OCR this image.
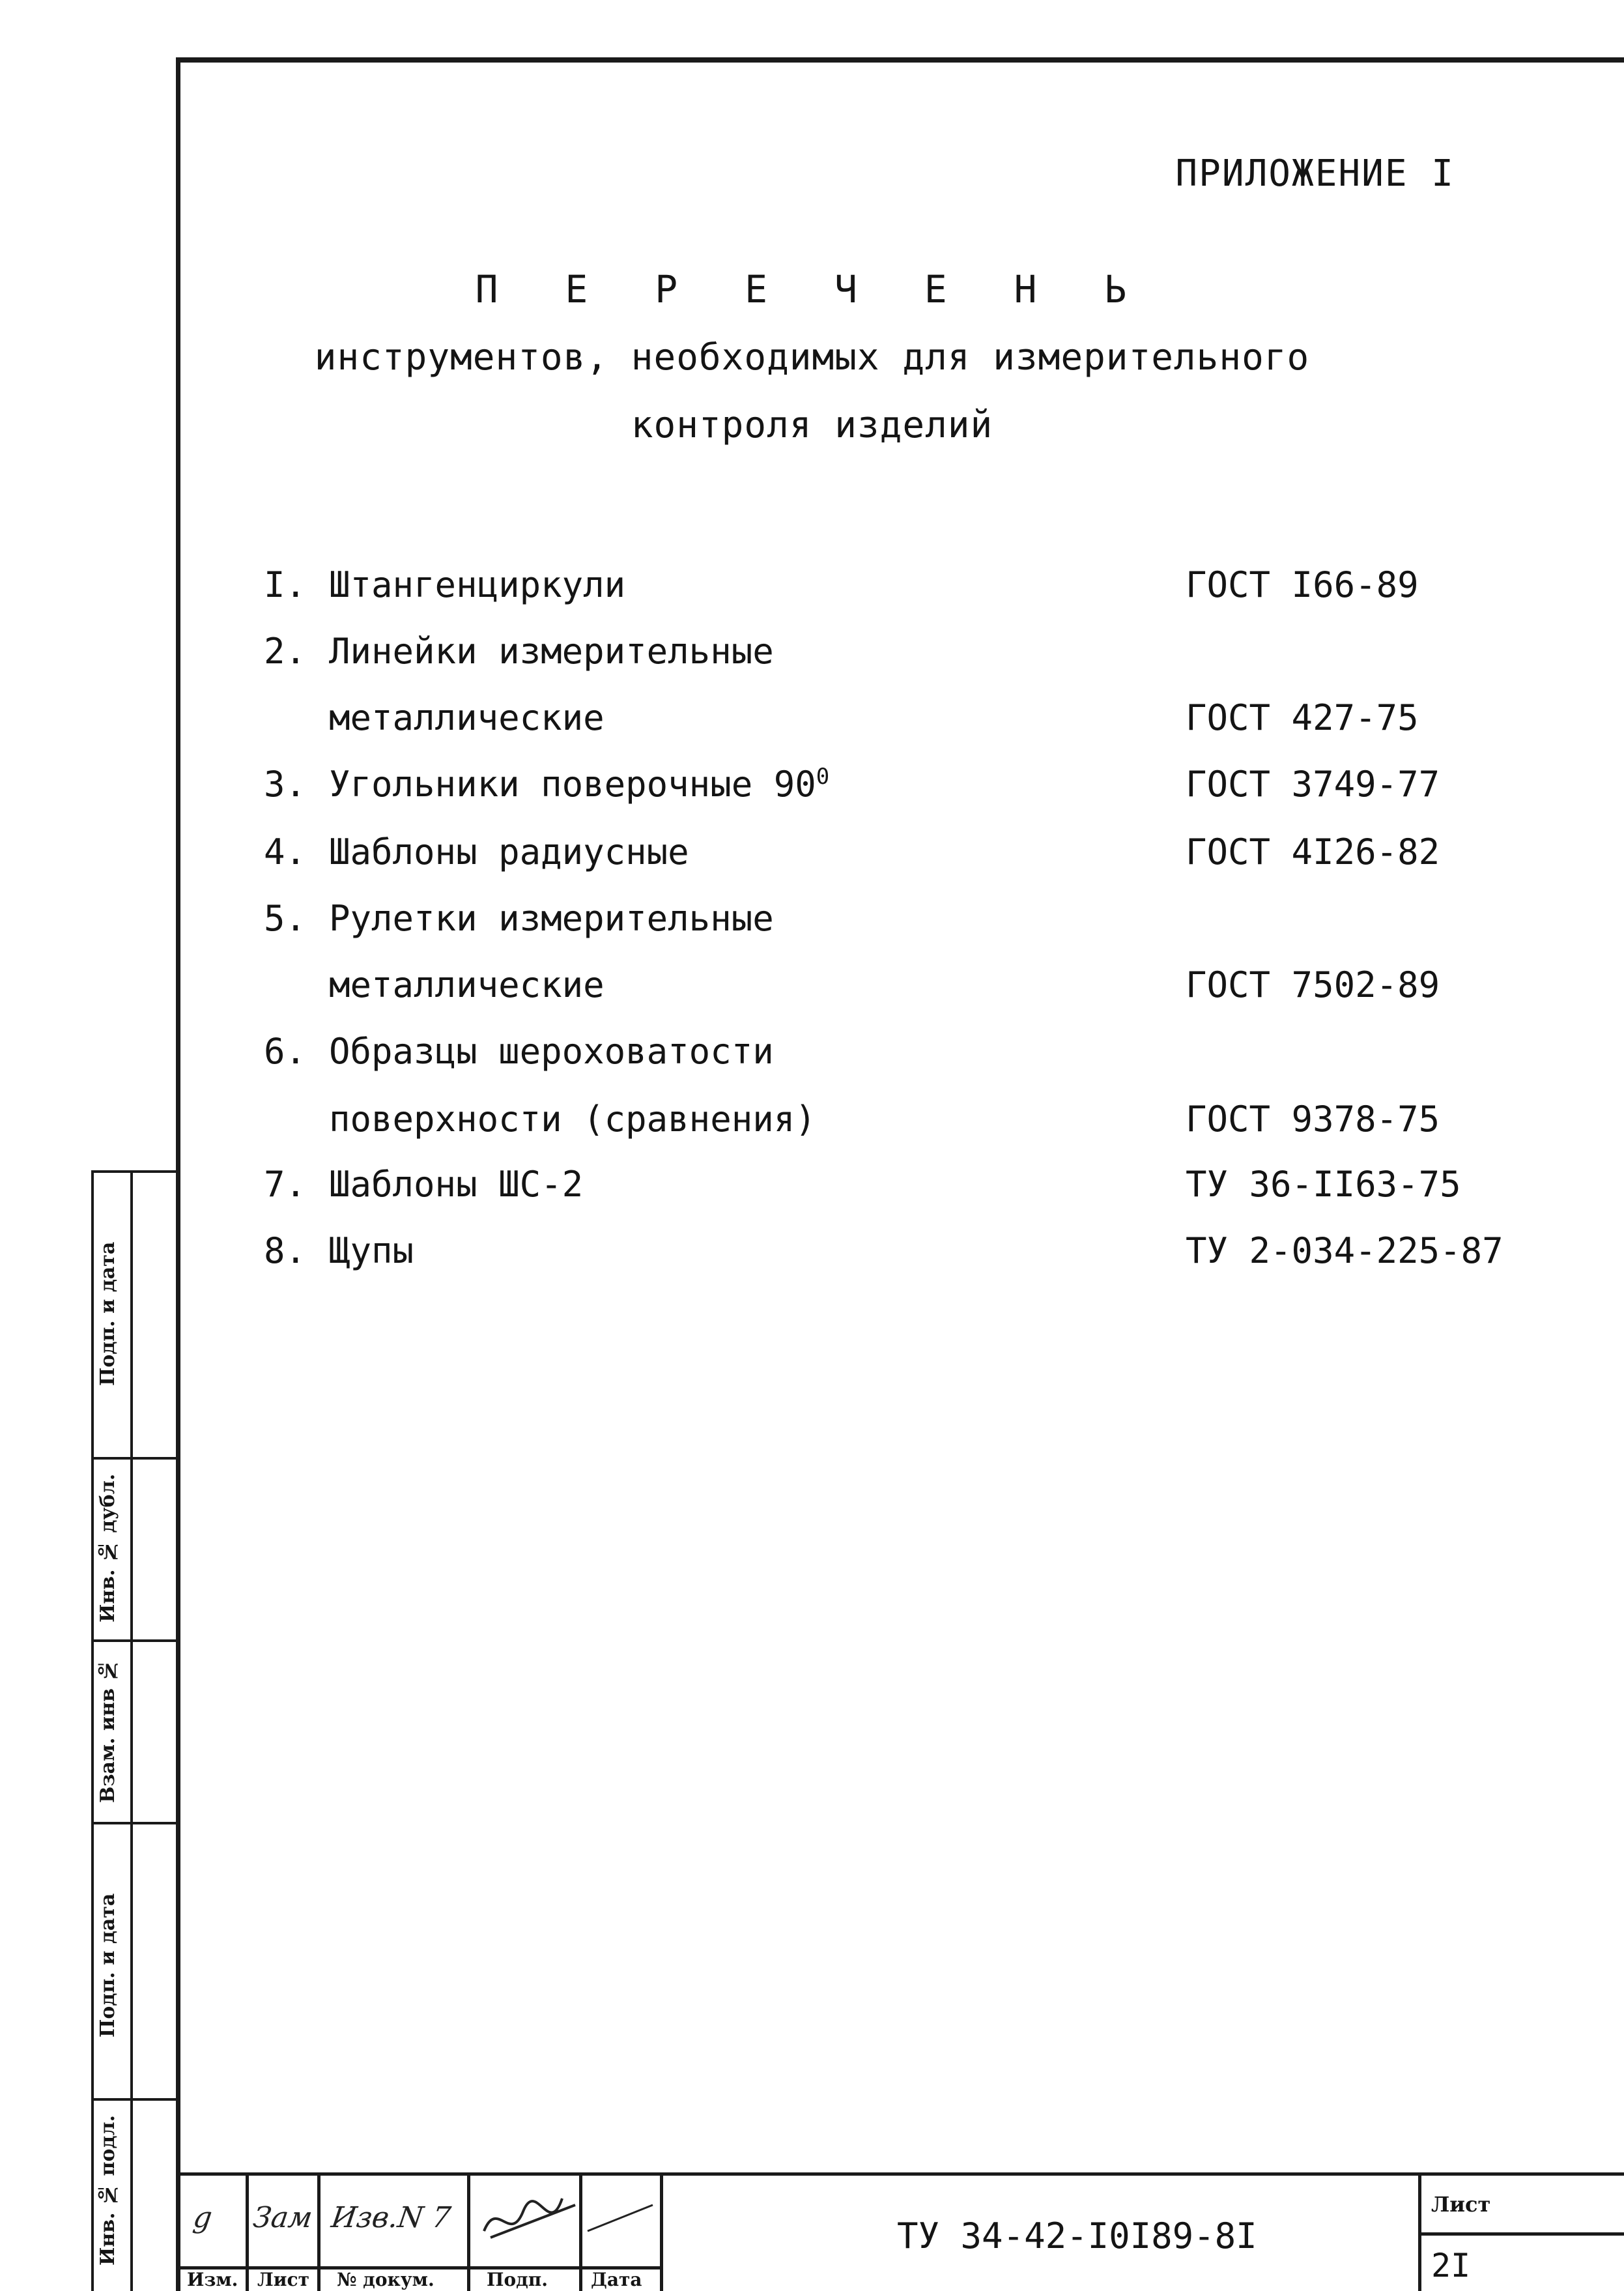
ПРИЛОЖЕНИЕ I
П Е Р Е Ч Е Н Ь
инструментов, необходимых для измерительного
контроля изделий
I. Штангенциркули	ГОСТ I66-89
2. Линейки измерительные
металлические	ГОСТ 427-75
3. Угольники поверочные $90^0$	ГОСТ 3749-77
4. Шаблоны радиусные	ГОСТ 4I26-82
5. Рулетки измерительные
металлические	ГОСТ 7502-89
6. Образцы шероховатости
поверхности (сравнения)	ГОСТ 9378-75
7. Шаблоны ШС-2	ТУ 36-II63-75
8. Щупы	ТУ 2-034-225-87
Подп. и дата
Инв. № дубл.
Взам. инв №
Подп. и дата
Инв. № подл.	g Зам Изв.N 7
Изм. Лист № докум.	Подп. Дата
ТУ 34-42-I0I89-8I
Лист
2I
